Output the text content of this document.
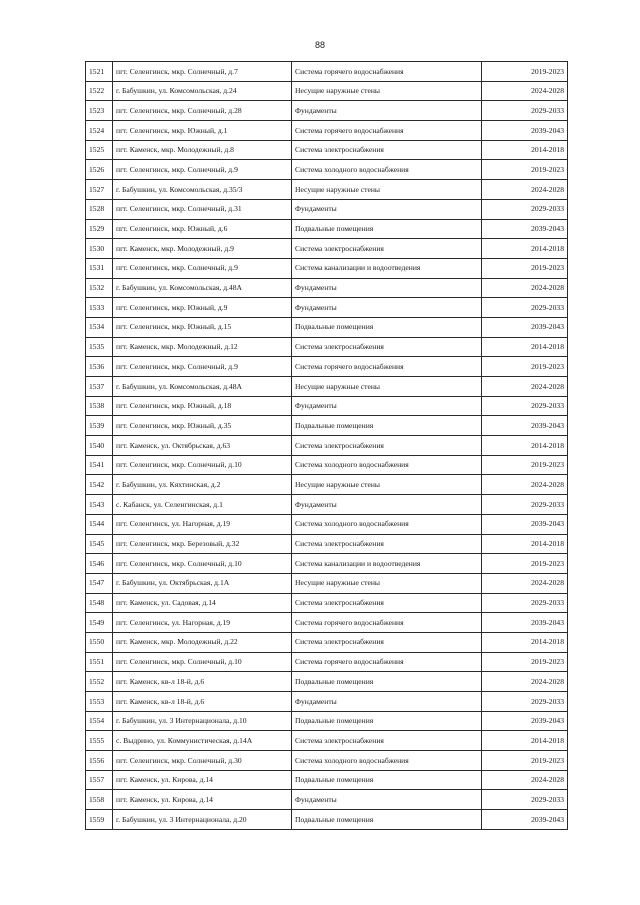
88
1521	пгт. Селенгинск, мкр. Солнечный, д.7	Система горячего водоснабжения	2019-2023
1522	г. Бабушкин, ул. Комсомольская, д.24	Несущие наружные стены	2024-2028
1523	пгт. Селенгинск, мкр. Солнечный, д.28	Фундаменты	2029-2033
1524	пгт. Селенгинск, мкр. Южный, д.1	Система горячего водоснабжения	2039-2043
1525	пгт. Каменск, мкр. Молодежный, д.8	Система электроснабжения	2014-2018
1526	пгт. Селенгинск, мкр. Солнечный, д.9	Система холодного водоснабжения	2019-2023
1527	г. Бабушкин, ул. Комсомольская, д.35/3	Несущие наружные стены	2024-2028
1528	пгт. Селенгинск, мкр. Солнечный, д.31	Фундаменты	2029-2033
1529	пгт. Селенгинск, мкр. Южный, д.6	Подвальные помещения	2039-2043
1530	пгт. Каменск, мкр. Молодежный, д.9	Система электроснабжения	2014-2018
1531	пгт. Селенгинск, мкр. Солнечный, д.9	Система канализации и водоотведения	2019-2023
1532	г. Бабушкин, ул. Комсомольская, д.48А	Фундаменты	2024-2028
1533	пгт. Селенгинск, мкр. Южный, д.9	Фундаменты	2029-2033
1534	пгт. Селенгинск, мкр. Южный, д.15	Подвальные помещения	2039-2043
1535	пгт. Каменск, мкр. Молодежный, д.12	Система электроснабжения	2014-2018
1536	пгт. Селенгинск, мкр. Солнечный, д.9	Система горячего водоснабжения	2019-2023
1537	г. Бабушкин, ул. Комсомольская, д.48А	Несущие наружные стены	2024-2028
1538	пгт. Селенгинск, мкр. Южный, д.18	Фундаменты	2029-2033
1539	пгт. Селенгинск, мкр. Южный, д.35	Подвальные помещения	2039-2043
1540	пгт. Каменск, ул. Октябрьская, д.63	Система электроснабжения	2014-2018
1541	пгт. Селенгинск, мкр. Солнечный, д.10	Система холодного водоснабжения	2019-2023
1542	г. Бабушкин, ул. Кяхтинская, д.2	Несущие наружные стены	2024-2028
1543	с. Кабанск, ул. Селенгинская, д.1	Фундаменты	2029-2033
1544	пгт. Селенгинск, ул. Нагорная, д.19	Система холодного водоснабжения	2039-2043
1545	пгт. Селенгинск, мкр. Березовый, д.32	Система электроснабжения	2014-2018
1546	пгт. Селенгинск, мкр. Солнечный, д.10	Система канализации и водоотведения	2019-2023
1547	г. Бабушкин, ул. Октябрьская, д.1А	Несущие наружные стены	2024-2028
1548	пгт. Каменск, ул. Садовая, д.14	Система электроснабжения	2029-2033
1549	пгт. Селенгинск, ул. Нагорная, д.19	Система горячего водоснабжения	2039-2043
1550	пгт. Каменск, мкр. Молодежный, д.22	Система электроснабжения	2014-2018
1551	пгт. Селенгинск, мкр. Солнечный, д.10	Система горячего водоснабжения	2019-2023
1552	пгт. Каменск, кв-л 18-й, д.6	Подвальные помещения	2024-2028
1553	пгт. Каменск, кв-л 18-й, д.6	Фундаменты	2029-2033
1554	г. Бабушкин, ул. 3 Интернационала, д.10	Подвальные помещения	2039-2043
1555	с. Выдрино, ул. Коммунистическая, д.14А	Система электроснабжения	2014-2018
1556	пгт. Селенгинск, мкр. Солнечный, д.30	Система холодного водоснабжения	2019-2023
1557	пгт. Каменск, ул. Кирова, д.14	Подвальные помещения	2024-2028
1558	пгт. Каменск, ул. Кирова, д.14	Фундаменты	2029-2033
1559	г. Бабушкин, ул. 3 Интернационала, д.20	Подвальные помещения	2039-2043
